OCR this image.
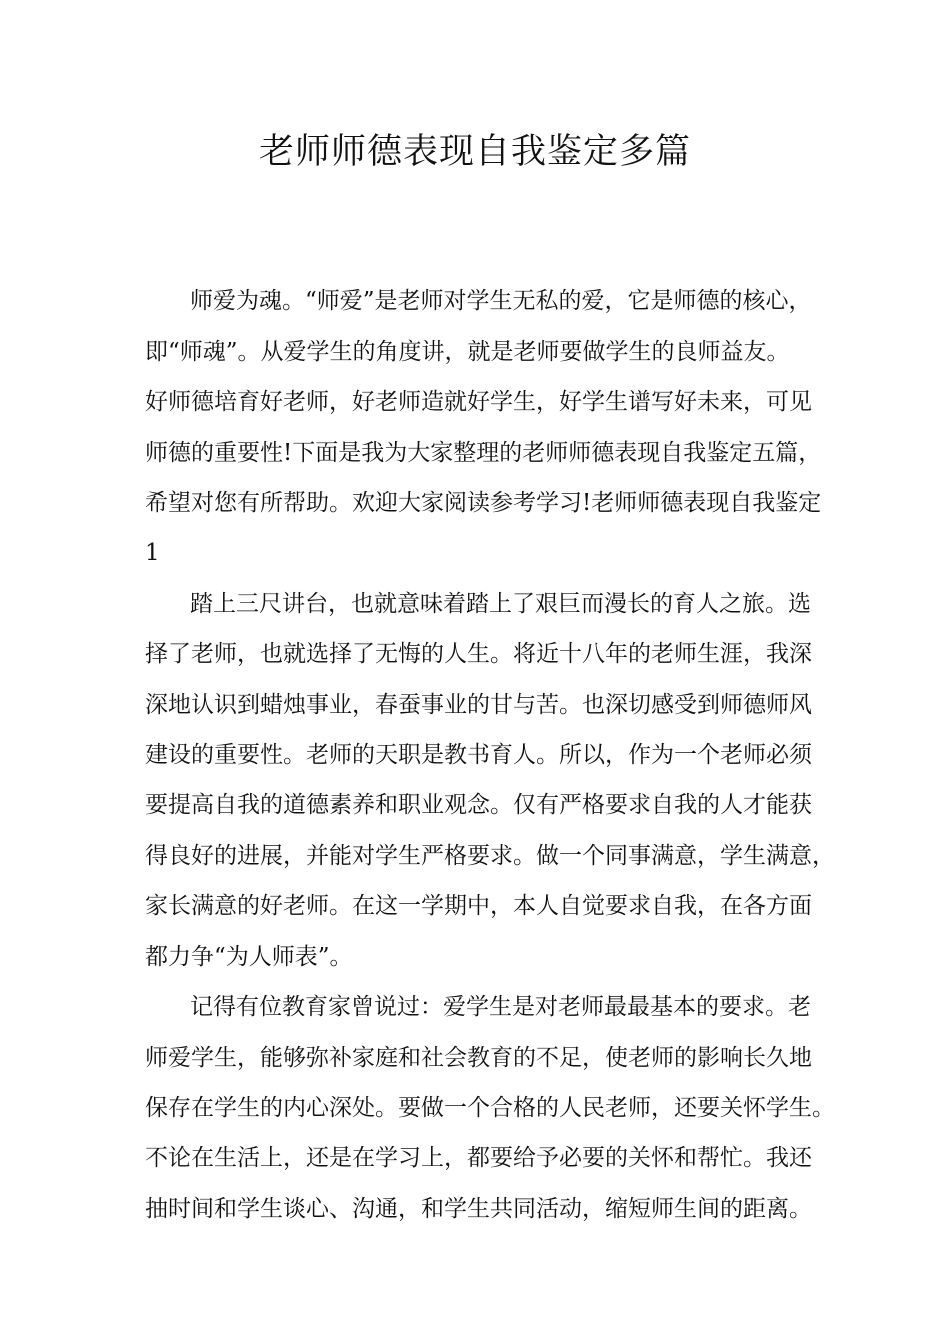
老师师德表现自我鉴定多篇
师爱为魂。“师爱”是老师对学生无私的爱，它是师德的核心，
即“师魂”。从爱学生的角度讲，就是老师要做学生的良师益友。
好师德培育好老师，好老师造就好学生，好学生谱写好未来，可见
师德的重要性!下面是我为大家整理的老师师德表现自我鉴定五篇，
希望对您有所帮助。欢迎大家阅读参考学习!老师师德表现自我鉴定
1
踏上三尺讲台，也就意味着踏上了艰巨而漫长的育人之旅。选
择了老师，也就选择了无悔的人生。将近十八年的老师生涯，我深
深地认识到蜡烛事业，春蚕事业的甘与苦。也深切感受到师德师风
建设的重要性。老师的天职是教书育人。所以，作为一个老师必须
要提高自我的道德素养和职业观念。仅有严格要求自我的人才能获
得良好的进展，并能对学生严格要求。做一个同事满意，学生满意，
家长满意的好老师。在这一学期中，本人自觉要求自我，在各方面
都力争“为人师表”。
记得有位教育家曾说过：爱学生是对老师最最基本的要求。老
师爱学生，能够弥补家庭和社会教育的不足，使老师的影响长久地
保存在学生的内心深处。要做一个合格的人民老师，还要关怀学生。
不论在生活上，还是在学习上，都要给予必要的关怀和帮忙。我还
抽时间和学生谈心、沟通，和学生共同活动，缩短师生间的距离。
